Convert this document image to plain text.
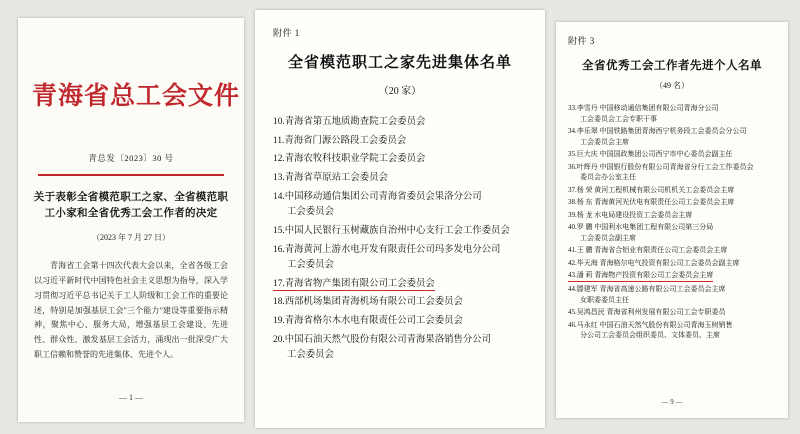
青海省总工会文件
青总发〔2023〕30 号
关于表彰全省模范职工之家、全省模范职工小家和全省优秀工会工作者的决定
（2023 年 7 月 27 日）
青海省工会第十四次代表大会以来，全省各级工会以习近平新时代中国特色社会主义思想为指导，深入学习贯彻习近平总书记关于工人阶级和工会工作的重要论述，特别是加强基层工会"三个能力"建设等重要指示精神，聚焦中心、服务大局，增强基层工会建设、先进性、群众性、激发基层工会活力，涌现出一批深受广大职工信赖和赞誉的先进集体、先进个人。
— 1 —
附件 1
全省模范职工之家先进集体名单
（20 家）
10.青海省第五地质勘查院工会委员会
11.青海省门源公路段工会委员会
12.青海农牧科技职业学院工会委员会
13.青海省草原站工会委员会
14.中国移动通信集团公司青海省委员会果洛分公司
工会委员会
15.中国人民银行玉树藏族自治州中心支行工会工作委员会
16.青海黄河上游水电开发有限责任公司玛多发电分公司
工会委员会
17.青海省物产集团有限公司工会委员会
18.西部机场集团青海机场有限公司工会委员会
19.青海省格尔木水电有限责任公司工会委员会
20.中国石油天然气股份有限公司青海果洛销售分公司
工会委员会
附件 3
全省优秀工会工作者先进个人名单
（49 名）
33.李雪丹 中国移动通信集团有限公司青海分公司
工会委员会工会专职干事
34.李乐翠 中国铁路集团青海西宁机务段工会委员会分公司
工会委员会主席
35.巨大庆 中国国政集团公司西宁市中心委员会副主任
36.叶辉丹 中国银行股份有限公司青海省分行工会工作委员会
委员会办公室主任
37.杨 荣 黄河工程机械有限公司机机关工会委员会主席
38.杨 东 青海黄河光伏电有限责任公司工会委员会主席
39.杨 龙 水电局建设投资工会委员会主席
40.罗 鹏 中国利水电集团工程有限公司第三分局
工会委员会副主席
41.王 鹏 青海省合铝业有限责任公司工会委员会主席
42.毕天海 青海格尔电气投资有限公司工会委员会副主席
43.潘 莉 青海物产投资有限公司工会委员会主席
44.滕建军 青海省高速公路有限公司工会委员会主席
女职委委员主任
45.吴鸿昌民 青海省利州发展有限公司工会专职委员
46.马永红 中国石油天然气股份有限公司青海玉树销售
分公司工会委员会组织委员、文体委员、主席
— 9 —
